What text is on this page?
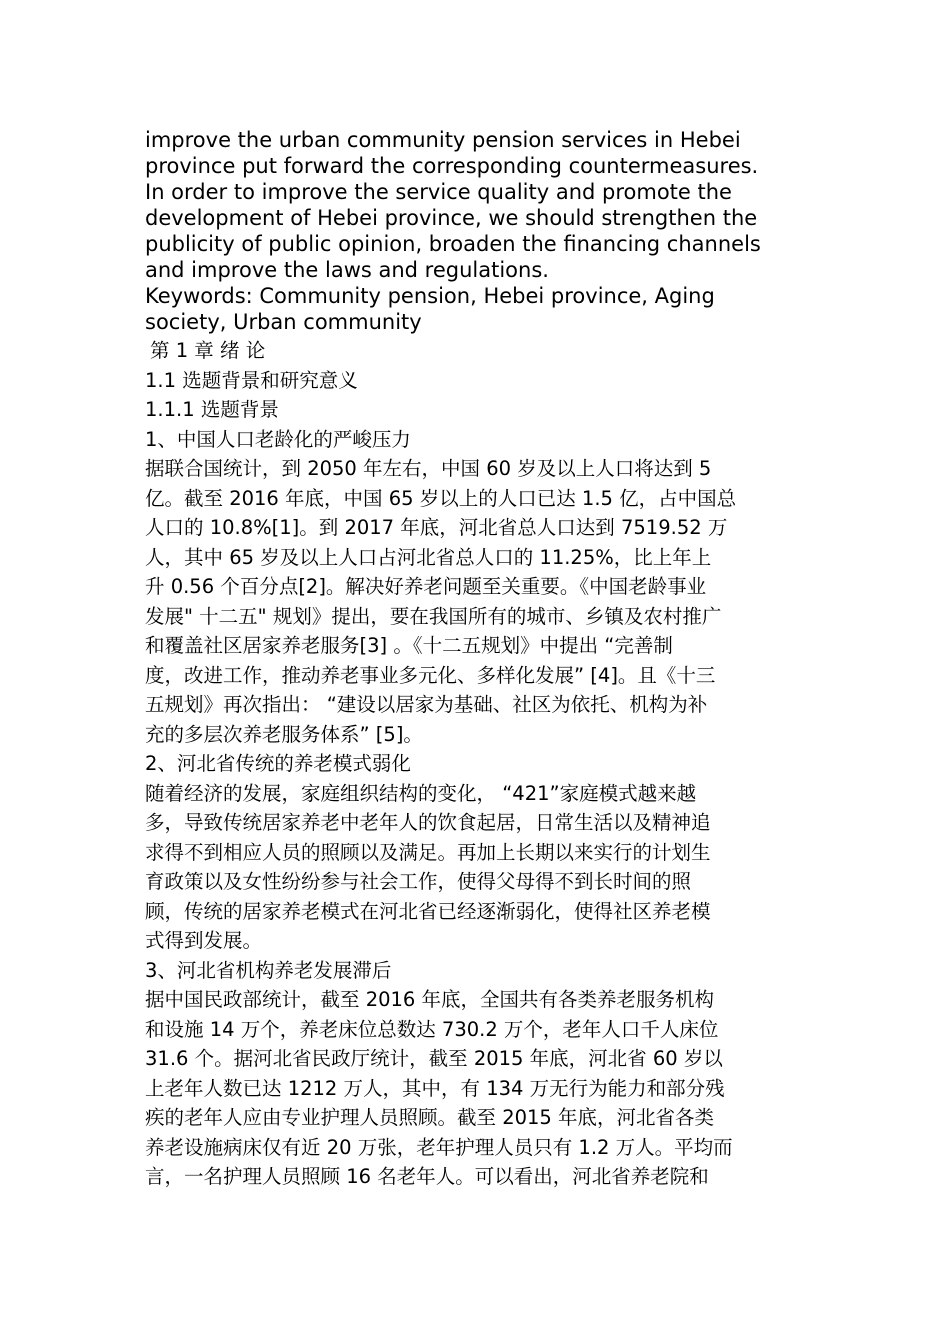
improve the urban community pension services in Hebei
province put forward the corresponding countermeasures.
In order to improve the service quality and promote the
development of Hebei province, we should strengthen the
publicity of public opinion, broaden the financing channels
and improve the laws and regulations.
Keywords: Community pension, Hebei province, Aging
society, Urban community
第 1 章 绪 论
1.1 选题背景和研究意义
1.1.1 选题背景
1、中国人口老龄化的严峻压力
据联合国统计，到 2050 年左右，中国 60 岁及以上人口将达到 5
亿。截至 2016 年底，中国 65 岁以上的人口已达 1.5 亿，占中国总
人口的 10.8%[1]。到 2017 年底，河北省总人口达到 7519.52 万
人，其中 65 岁及以上人口占河北省总人口的 11.25%，比上年上
升 0.56 个百分点[2]。解决好养老问题至关重要。《中国老龄事业
发展" 十二五" 规划》提出，要在我国所有的城市、乡镇及农村推广
和覆盖社区居家养老服务[3] 。《十二五规划》中提出 “完善制
度，改进工作，推动养老事业多元化、多样化发展” [4]。且《十三
五规划》再次指出： “建设以居家为基础、社区为依托、机构为补
充的多层次养老服务体系” [5]。
2、河北省传统的养老模式弱化
随着经济的发展，家庭组织结构的变化， “421”家庭模式越来越
多，导致传统居家养老中老年人的饮食起居，日常生活以及精神追
求得不到相应人员的照顾以及满足。再加上长期以来实行的计划生
育政策以及女性纷纷参与社会工作，使得父母得不到长时间的照
顾，传统的居家养老模式在河北省已经逐渐弱化，使得社区养老模
式得到发展。
3、河北省机构养老发展滞后
据中国民政部统计，截至 2016 年底，全国共有各类养老服务机构
和设施 14 万个，养老床位总数达 730.2 万个，老年人口千人床位
31.6 个。据河北省民政厅统计，截至 2015 年底，河北省 60 岁以
上老年人数已达 1212 万人，其中，有 134 万无行为能力和部分残
疾的老年人应由专业护理人员照顾。截至 2015 年底，河北省各类
养老设施病床仅有近 20 万张，老年护理人员只有 1.2 万人。平均而
言，一名护理人员照顾 16 名老年人。可以看出，河北省养老院和
